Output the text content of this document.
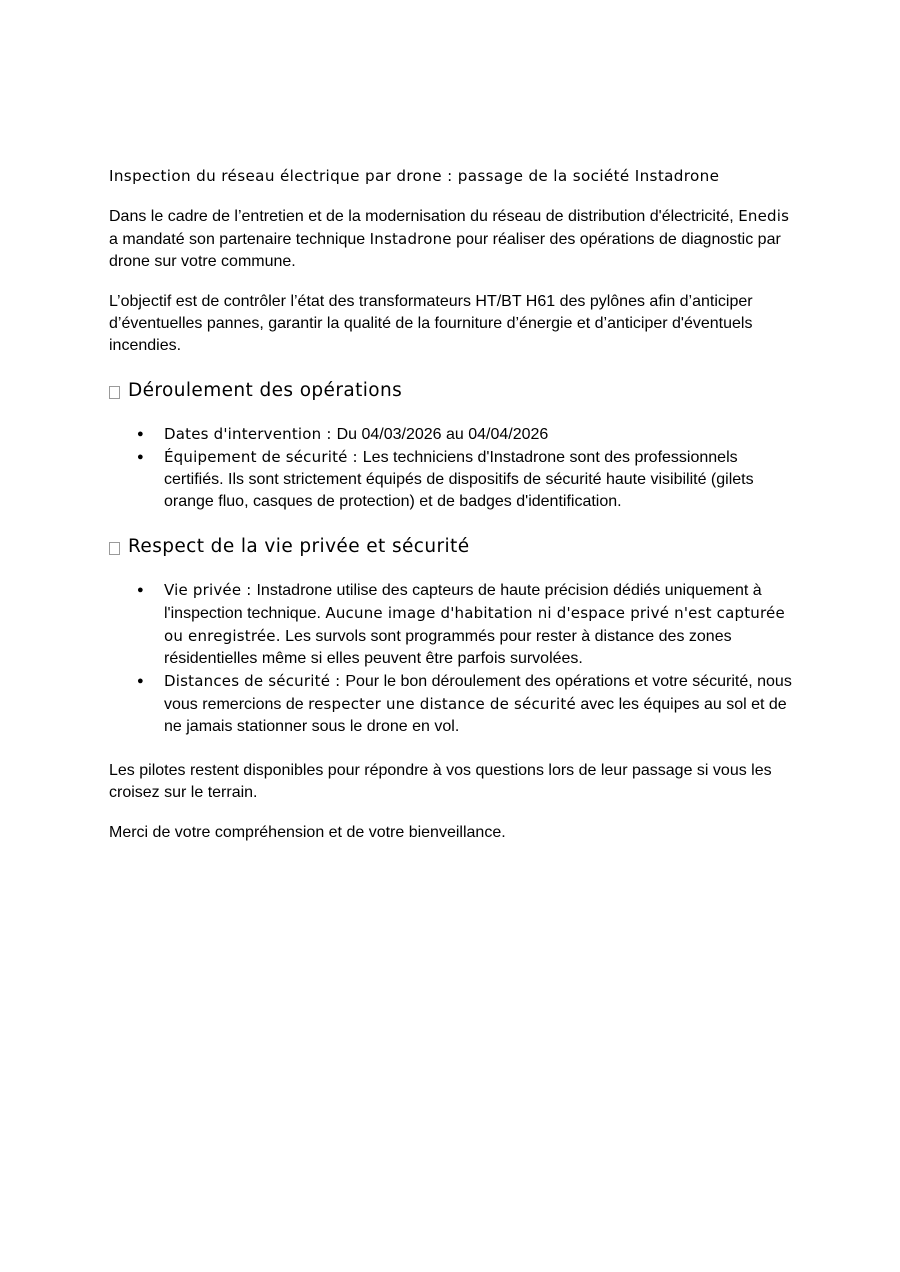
Inspection du réseau électrique par drone : passage de la société Instadrone

Dans le cadre de l’entretien et de la modernisation du réseau de distribution d'électricité, Enedis a mandaté son partenaire technique Instadrone pour réaliser des opérations de diagnostic par drone sur votre commune.

L’objectif est de contrôler l’état des transformateurs HT/BT H61 des pylônes afin d’anticiper d’éventuelles pannes, garantir la qualité de la fourniture d’énergie et d’anticiper d'éventuels incendies.

Déroulement des opérations
● Dates d'intervention : Du 04/03/2026 au 04/04/2026
● Équipement de sécurité : Les techniciens d'Instadrone sont des professionnels certifiés. Ils sont strictement équipés de dispositifs de sécurité haute visibilité (gilets orange fluo, casques de protection) et de badges d'identification.
Respect de la vie privée et sécurité
● Vie privée : Instadrone utilise des capteurs de haute précision dédiés uniquement à l'inspection technique. Aucune image d'habitation ni d'espace privé n'est capturée ou enregistrée. Les survols sont programmés pour rester à distance des zones résidentielles même si elles peuvent être parfois survolées.
● Distances de sécurité : Pour le bon déroulement des opérations et votre sécurité, nous vous remercions de respecter une distance de sécurité avec les équipes au sol et de ne jamais stationner sous le drone en vol.

Les pilotes restent disponibles pour répondre à vos questions lors de leur passage si vous les croisez sur le terrain.

Merci de votre compréhension et de votre bienveillance.
